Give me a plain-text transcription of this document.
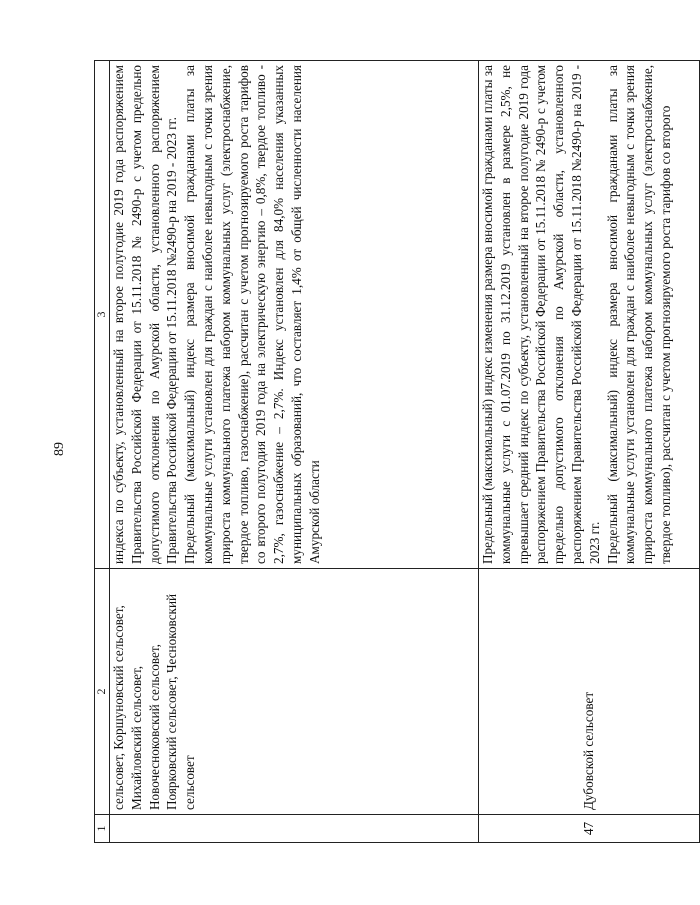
89
1	2	3

	сельсовет, Коршуновский сельсовет, Михайловский сельсовет, Новочесноковский сельсовет, Поярковский сельсовет, Чесноковский сельсовет	индекса по субъекту, установленный на второе полугодие 2019 года распоряжением Правительства Российской Федерации от 15.11.2018 № 2490-р с учетом предельно допустимого отклонения по Амурской области, установленного распоряжением Правительства Российской Федерации от 15.11.2018 №2490-р на 2019 - 2023 гг. Предельный (максимальный) индекс размера вносимой гражданами платы за коммунальные услуги установлен для граждан с наиболее невыгодным с точки зрения прироста коммунального платежа набором коммунальных услуг (электроснабжение, твердое топливо, газоснабжение), рассчитан с учетом прогнозируемого роста тарифов со второго полугодия 2019 года на электрическую энергию – 0,8%, твердое топливо - 2,7%, газоснабжение – 2,7%. Индекс установлен для 84,0% населения указанных муниципальных образований, что составляет 1,4% от общей численности населения Амурской области

47	Дубовской сельсовет	Предельный (максимальный) индекс изменения размера вносимой гражданами платы за коммунальные услуги с 01.07.2019 по 31.12.2019 установлен в размере 2,5%, не превышает средний индекс по субъекту, установленный на второе полугодие 2019 года распоряжением Правительства Российской Федерации от 15.11.2018 № 2490-р с учетом предельно допустимого отклонения по Амурской области, установленного распоряжением Правительства Российской Федерации от 15.11.2018 №2490-р на 2019 - 2023 гг. Предельный (максимальный) индекс размера вносимой гражданами платы за коммунальные услуги установлен для граждан с наиболее невыгодным с точки зрения прироста коммунального платежа набором коммунальных услуг (электроснабжение, твердое топливо), рассчитан с учетом прогнозируемого роста тарифов со второго
